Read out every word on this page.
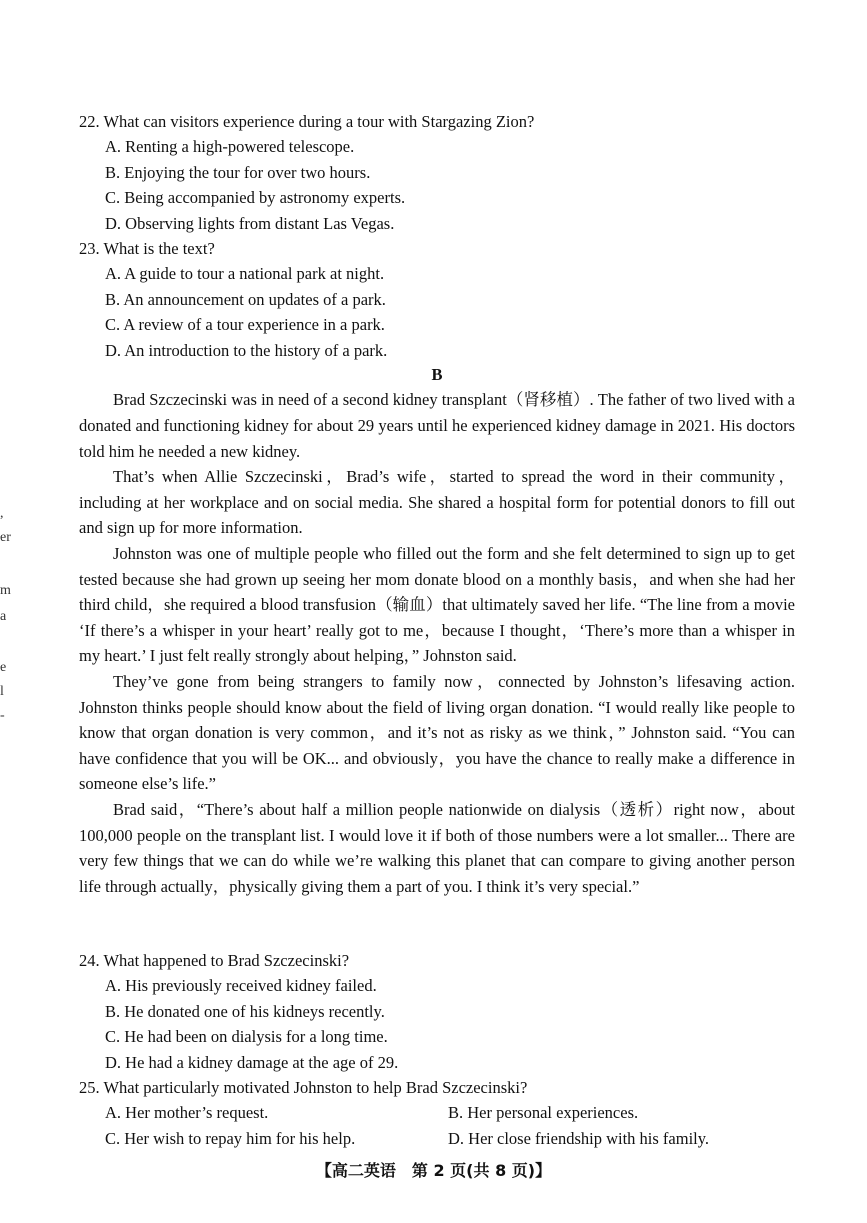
,
er
m
a
e
l
-

22. What can visitors experience during a tour with Stargazing Zion?

A. Renting a high-powered telescope.

B. Enjoying the tour for over two hours.

C. Being accompanied by astronomy experts.

D. Observing lights from distant Las Vegas.

23. What is the text?

A. A guide to tour a national park at night.

B. An announcement on updates of a park.

C. A review of a tour experience in a park.

D. An introduction to the history of a park.

B

Brad Szczecinski was in need of a second kidney transplant（肾移植）. The father of two lived with a donated and functioning kidney for about 29 years until he experienced kidney damage in 2021. His doctors told him he needed a new kidney.

That’s when Allie Szczecinski，Brad’s wife，started to spread the word in their community，including at her workplace and on social media. She shared a hospital form for potential donors to fill out and sign up for more information.

Johnston was one of multiple people who filled out the form and she felt determined to sign up to get tested because she had grown up seeing her mom donate blood on a monthly basis，and when she had her third child，she required a blood transfusion（输血）that ultimately saved her life. “The line from a movie ‘If there’s a whisper in your heart’ really got to me，because I thought，‘There’s more than a whisper in my heart.’ I just felt really strongly about helping，” Johnston said.

They’ve gone from being strangers to family now，connected by Johnston’s lifesaving action. Johnston thinks people should know about the field of living organ donation. “I would really like people to know that organ donation is very common，and it’s not as risky as we think，” Johnston said. “You can have confidence that you will be OK... and obviously，you have the chance to really make a difference in someone else’s life.”

Brad said，“There’s about half a million people nationwide on dialysis（透析）right now，about 100,000 people on the transplant list. I would love it if both of those numbers were a lot smaller... There are very few things that we can do while we’re walking this planet that can compare to giving another person life through actually，physically giving them a part of you. I think it’s very special.”

24. What happened to Brad Szczecinski?

A. His previously received kidney failed.

B. He donated one of his kidneys recently.

C. He had been on dialysis for a long time.

D. He had a kidney damage at the age of 29.

25. What particularly motivated Johnston to help Brad Szczecinski?

A. Her mother’s request.	B. Her personal experiences.
C. Her wish to repay him for his help.	D. Her close friendship with his family.
【高二英语　第 2 页(共 8 页)】
